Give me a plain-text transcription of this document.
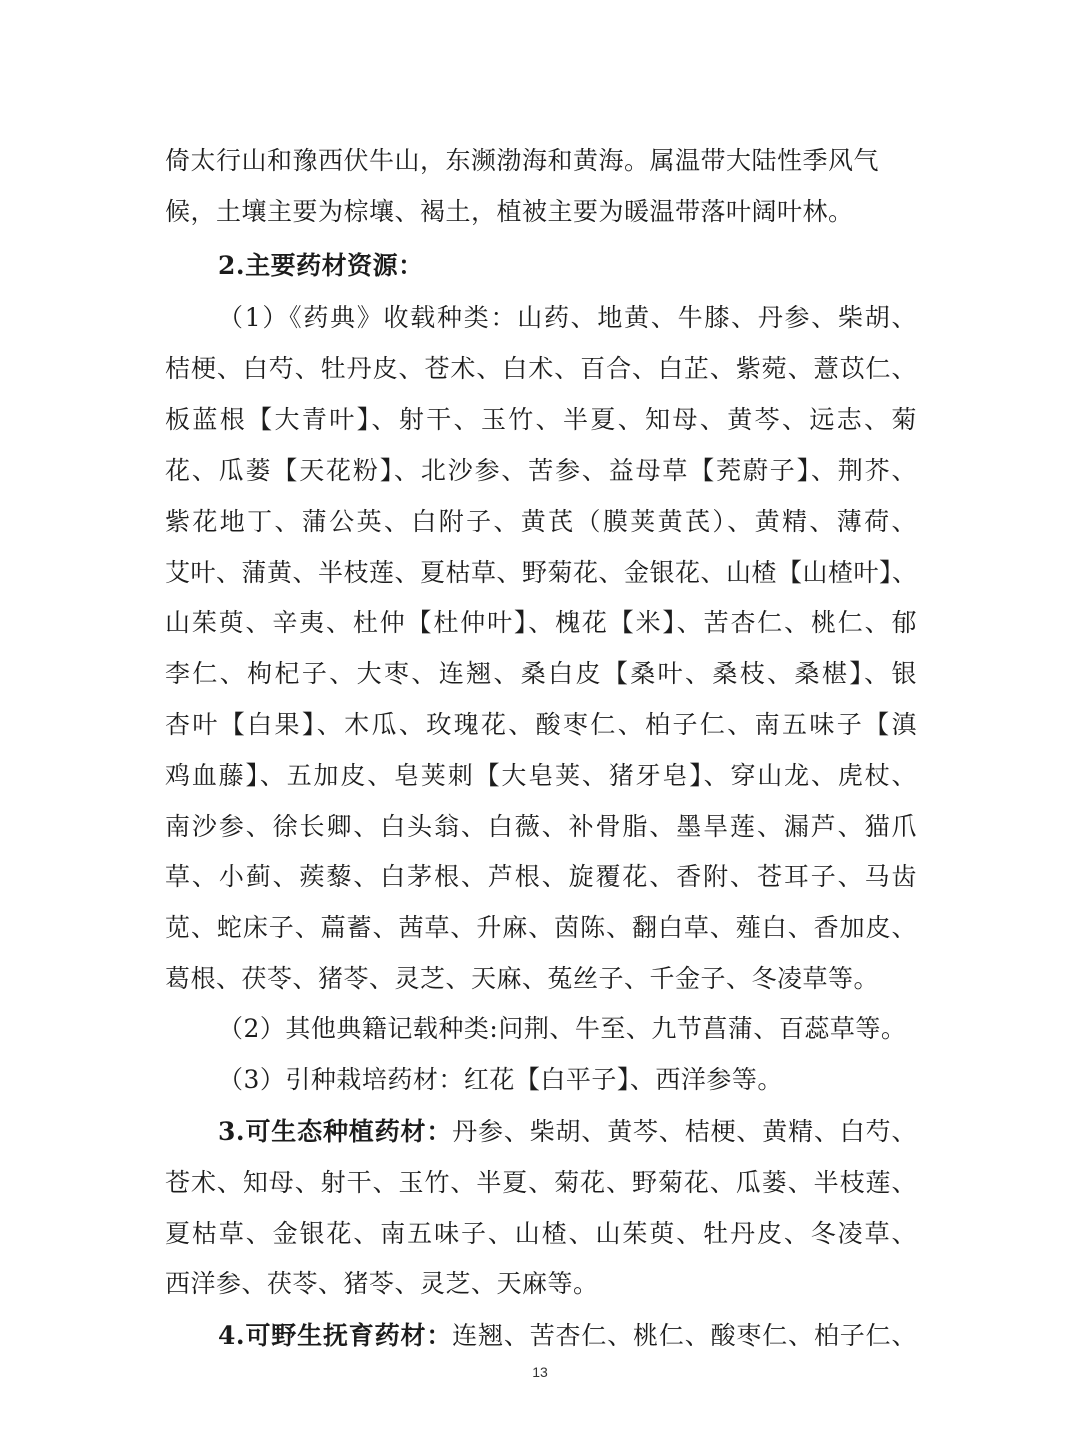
倚太行山和豫西伏牛山，东濒渤海和黄海。属温带大陆性季风气
候，土壤主要为棕壤、褐土，植被主要为暖温带落叶阔叶林。
2.主要药材资源：
（1）《药典》收载种类：山药、地黄、牛膝、丹参、柴胡、
桔梗、白芍、牡丹皮、苍术、白术、百合、白芷、紫菀、薏苡仁、
板蓝根【大青叶】、射干、玉竹、半夏、知母、黄芩、远志、菊
花、瓜蒌【天花粉】、北沙参、苦参、益母草【茺蔚子】、荆芥、
紫花地丁、蒲公英、白附子、黄芪（膜荚黄芪）、黄精、薄荷、
艾叶、蒲黄、半枝莲、夏枯草、野菊花、金银花、山楂【山楂叶】、
山茱萸、辛夷、杜仲【杜仲叶】、槐花【米】、苦杏仁、桃仁、郁
李仁、枸杞子、大枣、连翘、桑白皮【桑叶、桑枝、桑椹】、银
杏叶【白果】、木瓜、玫瑰花、酸枣仁、柏子仁、南五味子【滇
鸡血藤】、五加皮、皂荚刺【大皂荚、猪牙皂】、穿山龙、虎杖、
南沙参、徐长卿、白头翁、白薇、补骨脂、墨旱莲、漏芦、猫爪
草、小蓟、蒺藜、白茅根、芦根、旋覆花、香附、苍耳子、马齿
苋、蛇床子、萹蓄、茜草、升麻、茵陈、翻白草、薤白、香加皮、
葛根、茯苓、猪苓、灵芝、天麻、菟丝子、千金子、冬凌草等。
（2）其他典籍记载种类:问荆、牛至、九节菖蒲、百蕊草等。
（3）引种栽培药材：红花【白平子】、西洋参等。
3.可生态种植药材：丹参、柴胡、黄芩、桔梗、黄精、白芍、
苍术、知母、射干、玉竹、半夏、菊花、野菊花、瓜蒌、半枝莲、
夏枯草、金银花、南五味子、山楂、山茱萸、牡丹皮、冬凌草、
西洋参、茯苓、猪苓、灵芝、天麻等。
4.可野生抚育药材：连翘、苦杏仁、桃仁、酸枣仁、柏子仁、
13
